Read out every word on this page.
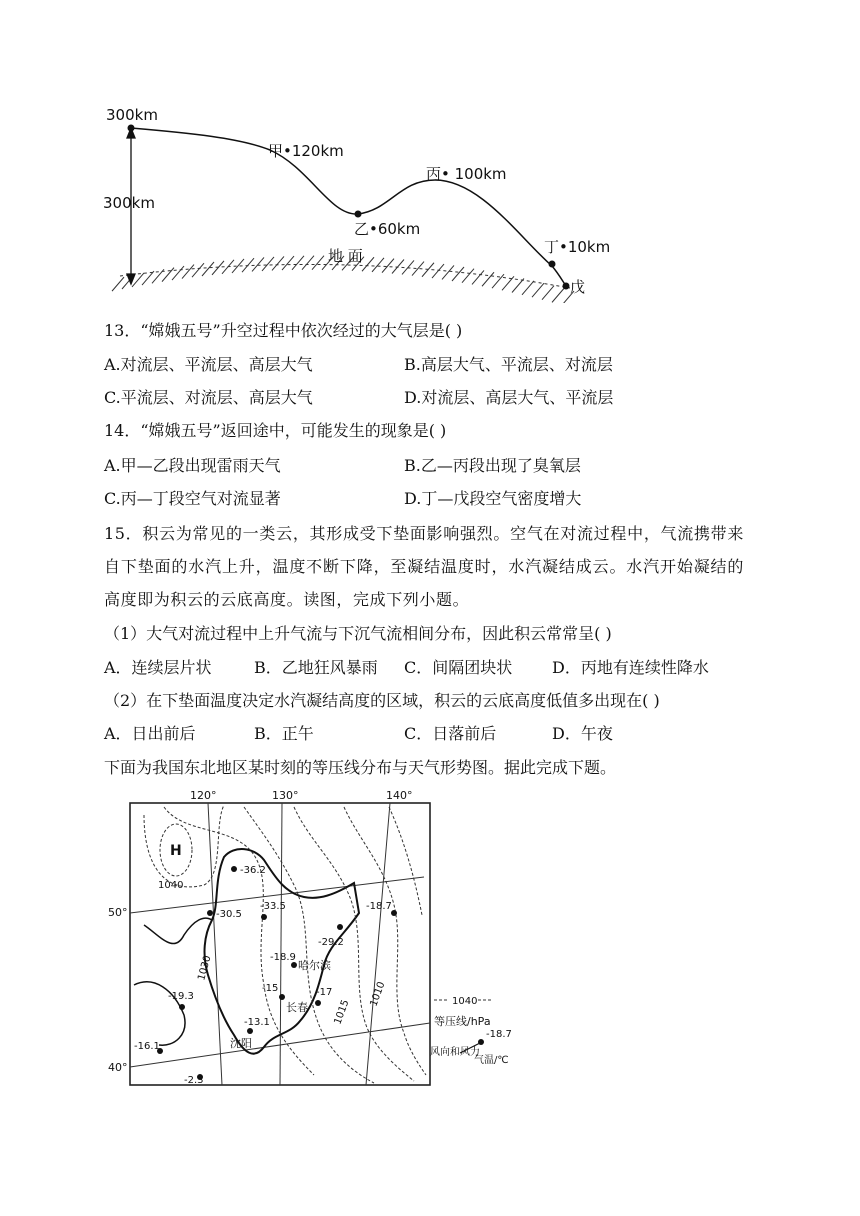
300km
300km
甲•120km
乙•60km
丙• 100km
丁•10km
戊
地 面
13．“嫦娥五号”升空过程中依次经过的大气层是( )
A.对流层、平流层、高层大气	B.高层大气、平流层、对流层
C.平流层、对流层、高层大气	D.对流层、高层大气、平流层
14．“嫦娥五号”返回途中，可能发生的现象是( )
A.甲—乙段出现雷雨天气	B.乙—丙段出现了臭氧层
C.丙—丁段空气对流显著	D.丁—戊段空气密度增大
15．积云为常见的一类云，其形成受下垫面影响强烈。空气在对流过程中，气流携带来自下垫面的水汽上升，温度不断下降，至凝结温度时，水汽凝结成云。水汽开始凝结的高度即为积云的云底高度。读图，完成下列小题。
（1）大气对流过程中上升气流与下沉气流相间分布，因此积云常常呈( )
A．连续层片状	B．乙地狂风暴雨 C．间隔团块状 D．丙地有连续性降水
（2）在下垫面温度决定水汽凝结高度的区域，积云的云底高度低值多出现在( )
A．日出前后	B．正午	C．日落前后	D．午夜
下面为我国东北地区某时刻的等压线分布与天气形势图。据此完成下题。
120°	130°	140°
50°
40°
H
1040
1030
1015
1010
-36.2
-30.5
-33.5	-18.7
-29.2
-18.9
-15	-17
-19.3
-13.1
-16.1
-2.3
哈尔滨
长春
沈阳
1040
等压线/hPa
风向和风力
-18.7
气温/℃
